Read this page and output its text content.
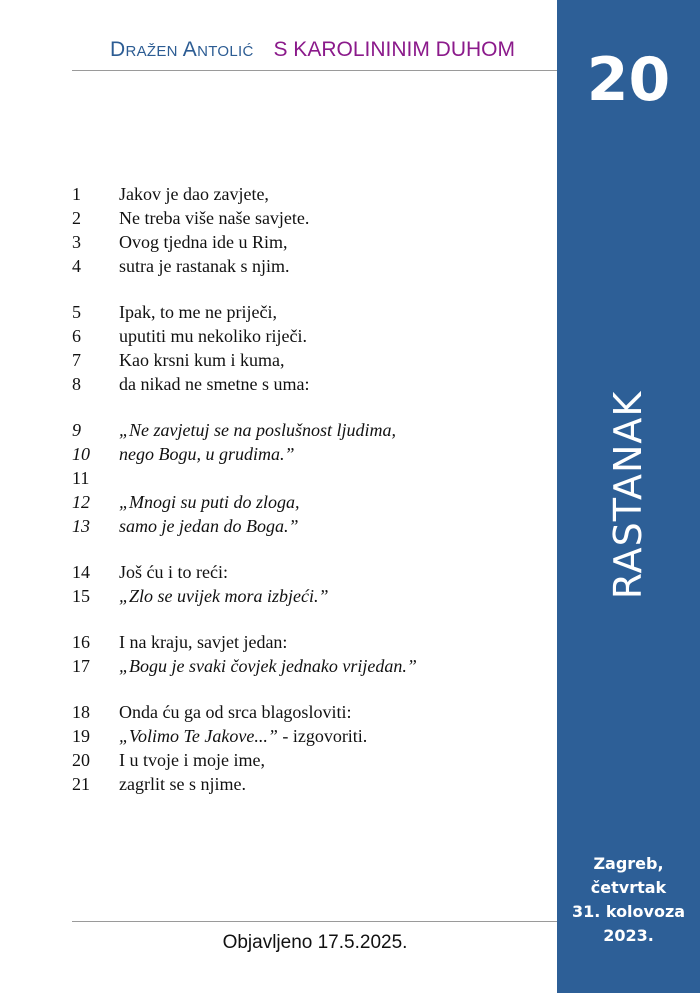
Dražen Antolić S KAROLININIM DUHOM
1	Jakov je dao zavjete,
2	Ne treba više naše savjete.
3	Ovog tjedna ide u Rim,
4	sutra je rastanak s njim.
5	Ipak, to me ne priječi,
6	uputiti mu nekoliko riječi.
7	Kao krsni kum i kuma,
8	da nikad ne smetne s uma:
9	„Ne zavjetuj se na poslušnost ljudima,
10	nego Bogu, u grudima.”
11
12	„Mnogi su puti do zloga,
13	samo je jedan do Boga.”
14	Još ću i to reći:
15	„Zlo se uvijek mora izbjeći.”
16	I na kraju, savjet jedan:
17	„Bogu je svaki čovjek jednako vrijedan.”
18	Onda ću ga od srca blagosloviti:
19	„Volimo Te Jakove...” - izgovoriti.
20	I u tvoje i moje ime,
21	zagrlit se s njime.
Objavljeno 17.5.2025.
20
RASTANAK
Zagreb,
četvrtak
31. kolovoza
2023.
